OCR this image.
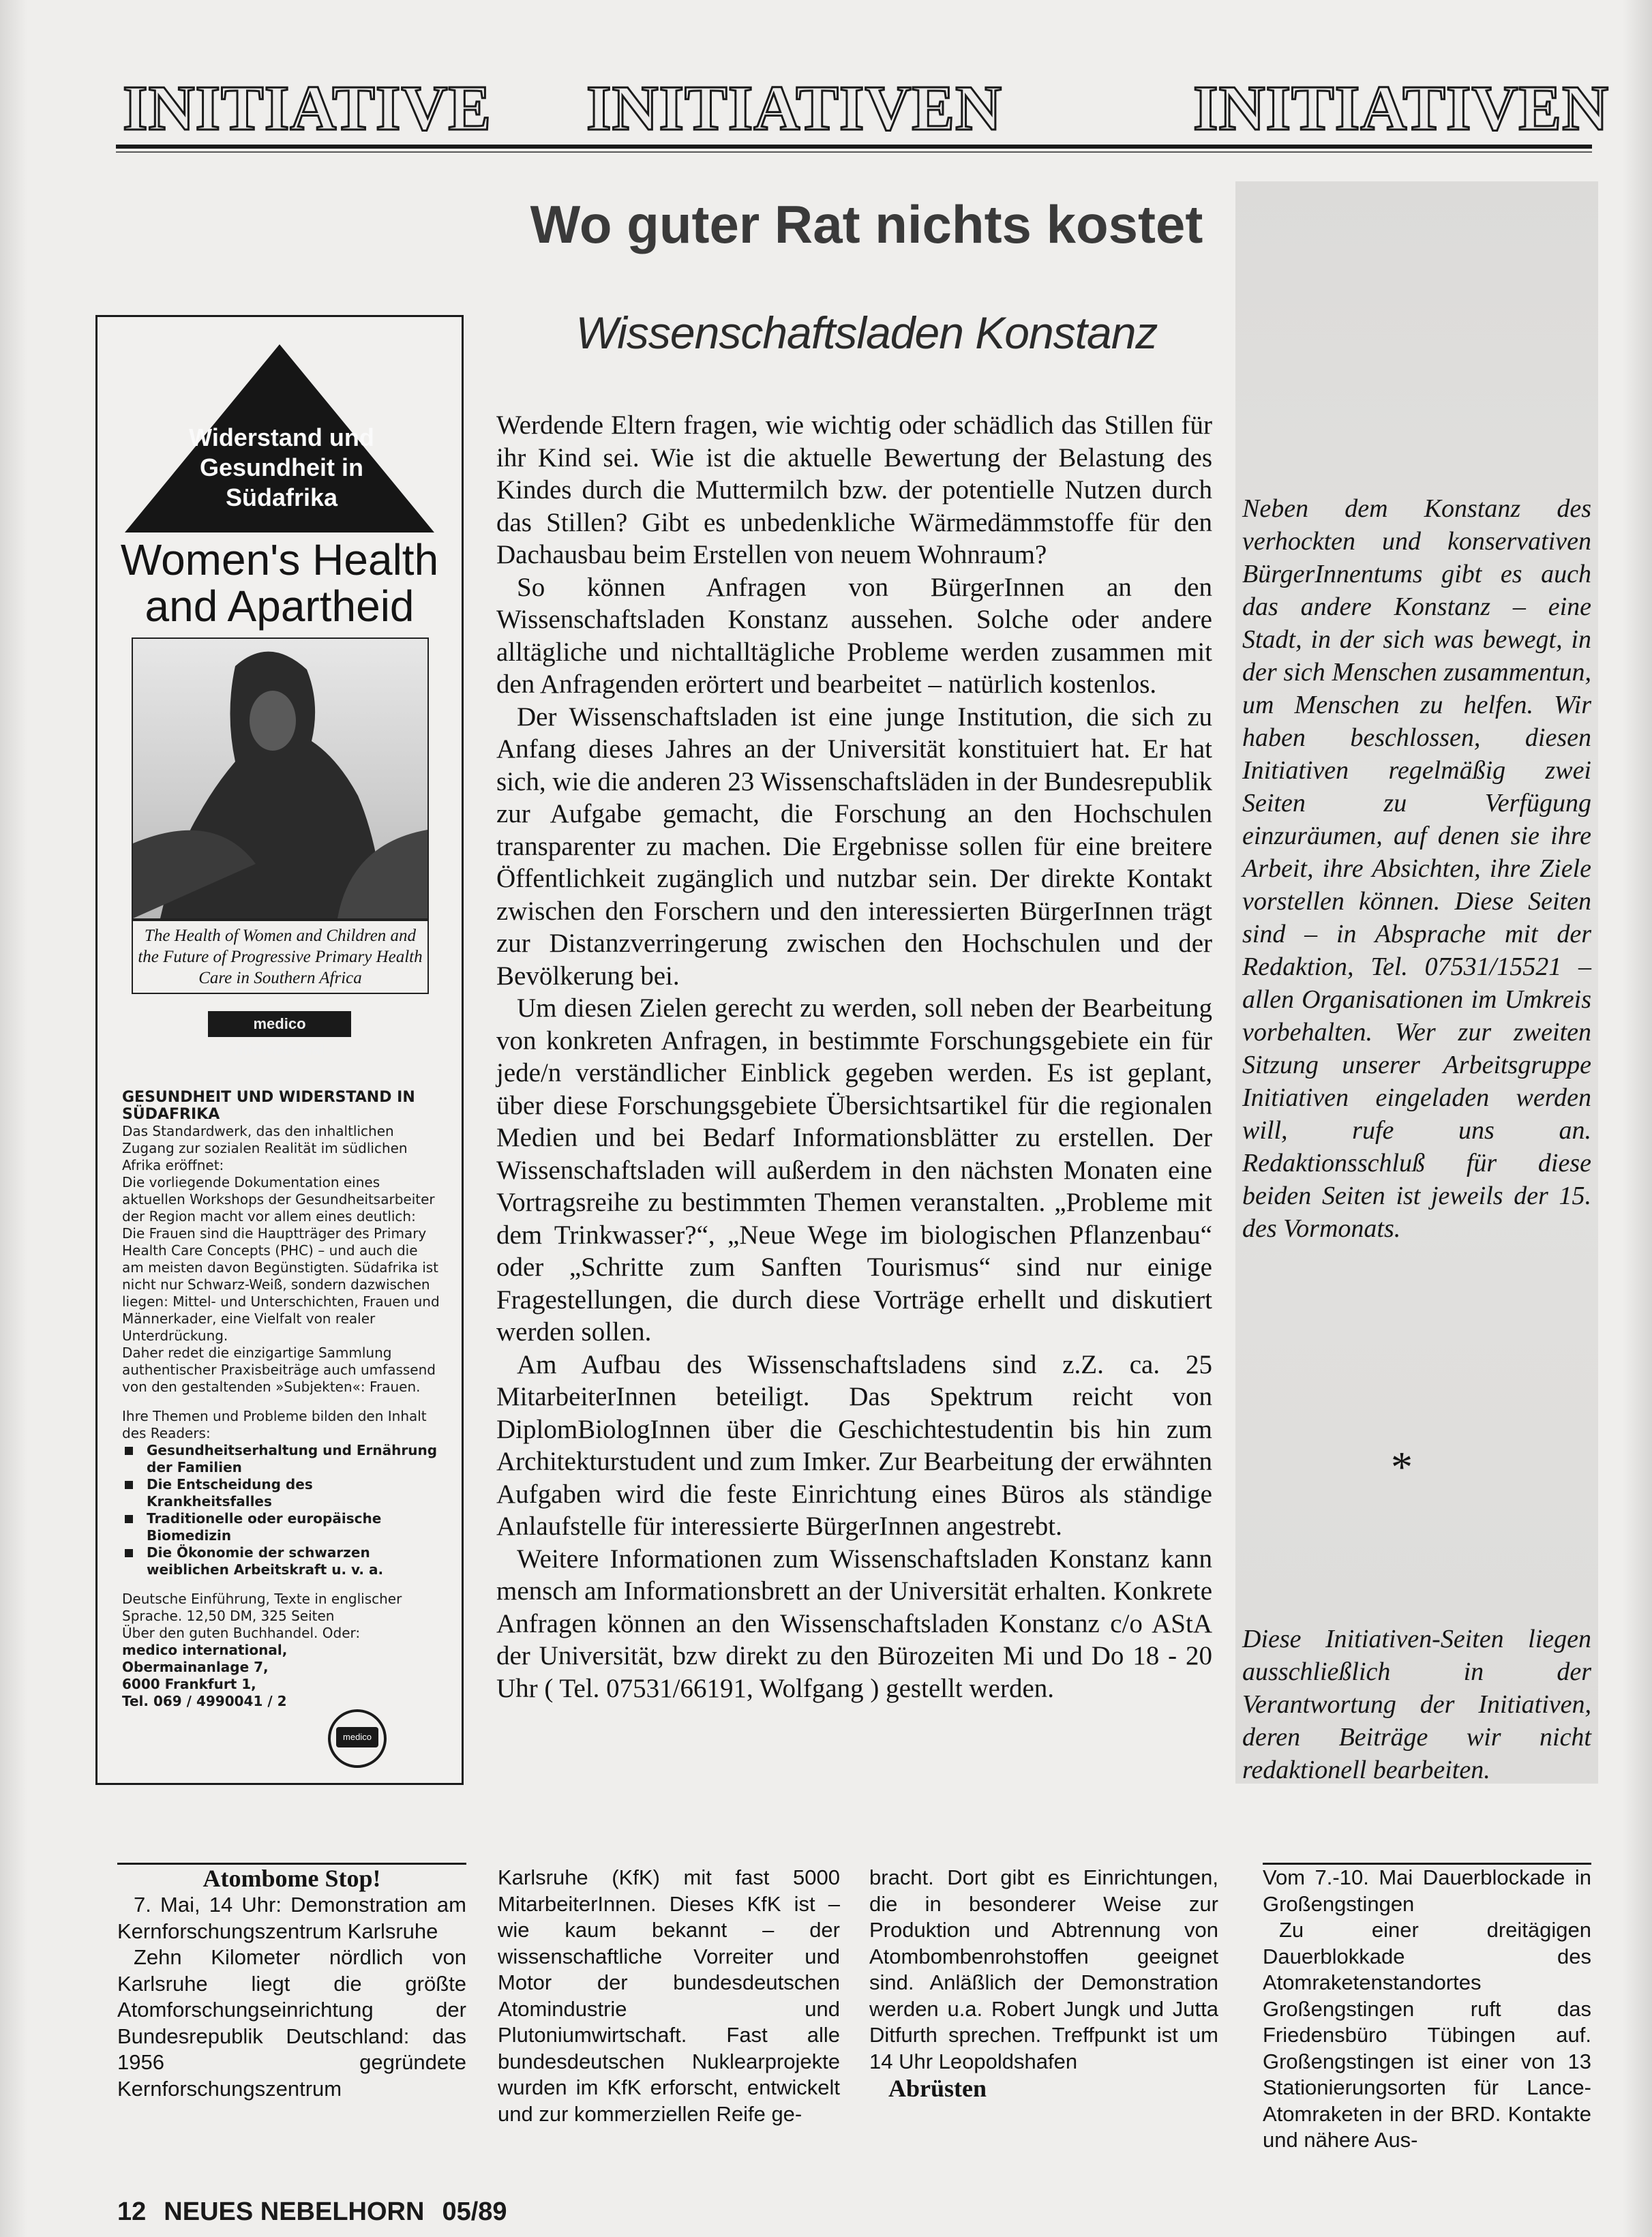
INITIATIVE INITIATIVEN	INITIATIVEN
Wo guter Rat nichts kostet
Wissenschaftsladen Konstanz
Neben dem Konstanz des verhockten und konservativen BürgerInnentums gibt es auch das andere Konstanz – eine Stadt, in der sich was bewegt, in der sich Menschen zusammentun, um Menschen zu helfen. Wir haben beschlossen, diesen Initiativen regelmäßig zwei Seiten zu Verfügung einzuräumen, auf denen sie ihre Arbeit, ihre Absichten, ihre Ziele vorstellen können. Diese Seiten sind – in Absprache mit der Redaktion, Tel. 07531/15521 – allen Organisationen im Umkreis vorbehalten. Wer zur zweiten Sitzung unserer Arbeitsgruppe Initiativen eingeladen werden will, rufe uns an. Redaktionsschluß für diese beiden Seiten ist jeweils der 15. des Vormonats.
*
Diese Initiativen-Seiten liegen ausschließlich in der Verantwortung der Initiativen, deren Beiträge wir nicht redaktionell bearbeiten.

Werdende Eltern fragen, wie wichtig oder schädlich das Stillen für ihr Kind sei. Wie ist die aktuelle Bewertung der Belastung des Kindes durch die Muttermilch bzw. der potentielle Nutzen durch das Stillen? Gibt es unbedenkliche Wärmedämmstoffe für den Dachausbau beim Erstellen von neuem Wohnraum?

So können Anfragen von BürgerInnen an den Wissenschaftsladen Konstanz aussehen. Solche oder andere alltägliche und nichtalltägliche Probleme werden zusammen mit den Anfragenden erörtert und bearbeitet – natürlich kostenlos.

Der Wissenschaftsladen ist eine junge Institution, die sich zu Anfang dieses Jahres an der Universität konstituiert hat. Er hat sich, wie die anderen 23 Wissenschaftsläden in der Bundesrepublik zur Aufgabe gemacht, die Forschung an den Hochschulen transparenter zu machen. Die Ergebnisse sollen für eine breitere Öffentlichkeit zugänglich und nutzbar sein. Der direkte Kontakt zwischen den Forschern und den interessierten BürgerInnen trägt zur Distanzverringerung zwischen den Hochschulen und der Bevölkerung bei.

Um diesen Zielen gerecht zu werden, soll neben der Bearbeitung von konkreten Anfragen, in bestimmte Forschungsgebiete ein für jede/n verständlicher Einblick gegeben werden. Es ist geplant, über diese Forschungsgebiete Übersichtsartikel für die regionalen Medien und bei Bedarf Informationsblätter zu erstellen. Der Wissenschaftsladen will außerdem in den nächsten Monaten eine Vortragsreihe zu bestimmten Themen veranstalten. „Probleme mit dem Trinkwasser?“, „Neue Wege im biologischen Pflanzenbau“ oder „Schritte zum Sanften Tourismus“ sind nur einige Fragestellungen, die durch diese Vorträge erhellt und diskutiert werden sollen.

Am Aufbau des Wissenschaftsladens sind z.Z. ca. 25 MitarbeiterInnen beteiligt. Das Spektrum reicht von DiplomBiologInnen über die Geschichtestudentin bis hin zum Architekturstudent und zum Imker. Zur Bearbeitung der erwähnten Aufgaben wird die feste Einrichtung eines Büros als ständige Anlaufstelle für interessierte BürgerInnen angestrebt.

Weitere Informationen zum Wissenschaftsladen Konstanz kann mensch am Informationsbrett an der Universität erhalten. Konkrete Anfragen können an den Wissenschaftsladen Konstanz c/o AStA der Universität, bzw direkt zu den Bürozeiten Mi und Do 18 - 20 Uhr ( Tel. 07531/66191, Wolfgang ) gestellt werden.

Widerstand und Gesundheit in Südafrika
Women's Health and Apartheid
The Health of Women and Children and the Future of Progressive Primary Health Care in Southern Africa
medico international
GESUNDHEIT UND WIDERSTAND IN SÜDAFRIKA

Das Standardwerk, das den inhaltlichen Zugang zur sozialen Realität im südlichen Afrika eröffnet:

Die vorliegende Dokumentation eines aktuellen Workshops der Gesundheitsarbeiter der Region macht vor allem eines deutlich:

Die Frauen sind die Hauptträger des Primary Health Care Concepts (PHC) – und auch die am meisten davon Begünstigten. Südafrika ist nicht nur Schwarz-Weiß, sondern dazwischen liegen: Mittel- und Unterschichten, Frauen und Männerkader, eine Vielfalt von realer Unterdrückung.

Daher redet die einzigartige Sammlung authentischer Praxisbeiträge auch umfassend von den gestaltenden »Subjekten«: Frauen.

Ihre Themen und Probleme bilden den Inhalt des Readers:

Gesundheitserhaltung und Ernährung der Familien
Die Entscheidung des Krankheitsfalles
Traditionelle oder europäische Biomedizin
Die Ökonomie der schwarzen weiblichen Arbeitskraft u. v. a.

Deutsche Einführung, Texte in englischer Sprache. 12,50 DM, 325 Seiten

Über den guten Buchhandel. Oder:

medico international,

Obermainanlage 7,

6000 Frankfurt 1,

Tel. 069 / 4990041 / 2

medico
Atombome Stop!

7. Mai, 14 Uhr: Demonstration am Kernforschungszentrum Karlsruhe

Zehn Kilometer nördlich von Karlsruhe liegt die größte Atomforschungseinrichtung der Bundesrepublik Deutschland: das 1956 gegründete Kernforschungszentrum

Karlsruhe (KfK) mit fast 5000 MitarbeiterInnen. Dieses KfK ist – wie kaum bekannt – der wissenschaftliche Vorreiter und Motor der bundesdeutschen Atomindustrie und Plutoniumwirtschaft. Fast alle bundesdeutschen Nuklearprojekte wurden im KfK erforscht, entwickelt und zur kommerziellen Reife ge-

bracht. Dort gibt es Einrichtungen, die in besonderer Weise zur Produktion und Abtrennung von Atombombenrohstoffen geeignet sind. Anläßlich der Demonstration werden u.a. Robert Jungk und Jutta Ditfurth sprechen. Treffpunkt ist um 14 Uhr Leopoldshafen

Abrüsten

Vom 7.-10. Mai Dauerblockade in Großengstingen

Zu einer dreitägigen Dauerblokkade des Atomraketenstandortes Großengstingen ruft das Friedensbüro Tübingen auf. Großengstingen ist einer von 13 Stationierungsorten für Lance-Atomraketen in der BRD. Kontakte und nähere Aus-

12 NEUES NEBELHORN 05/89
